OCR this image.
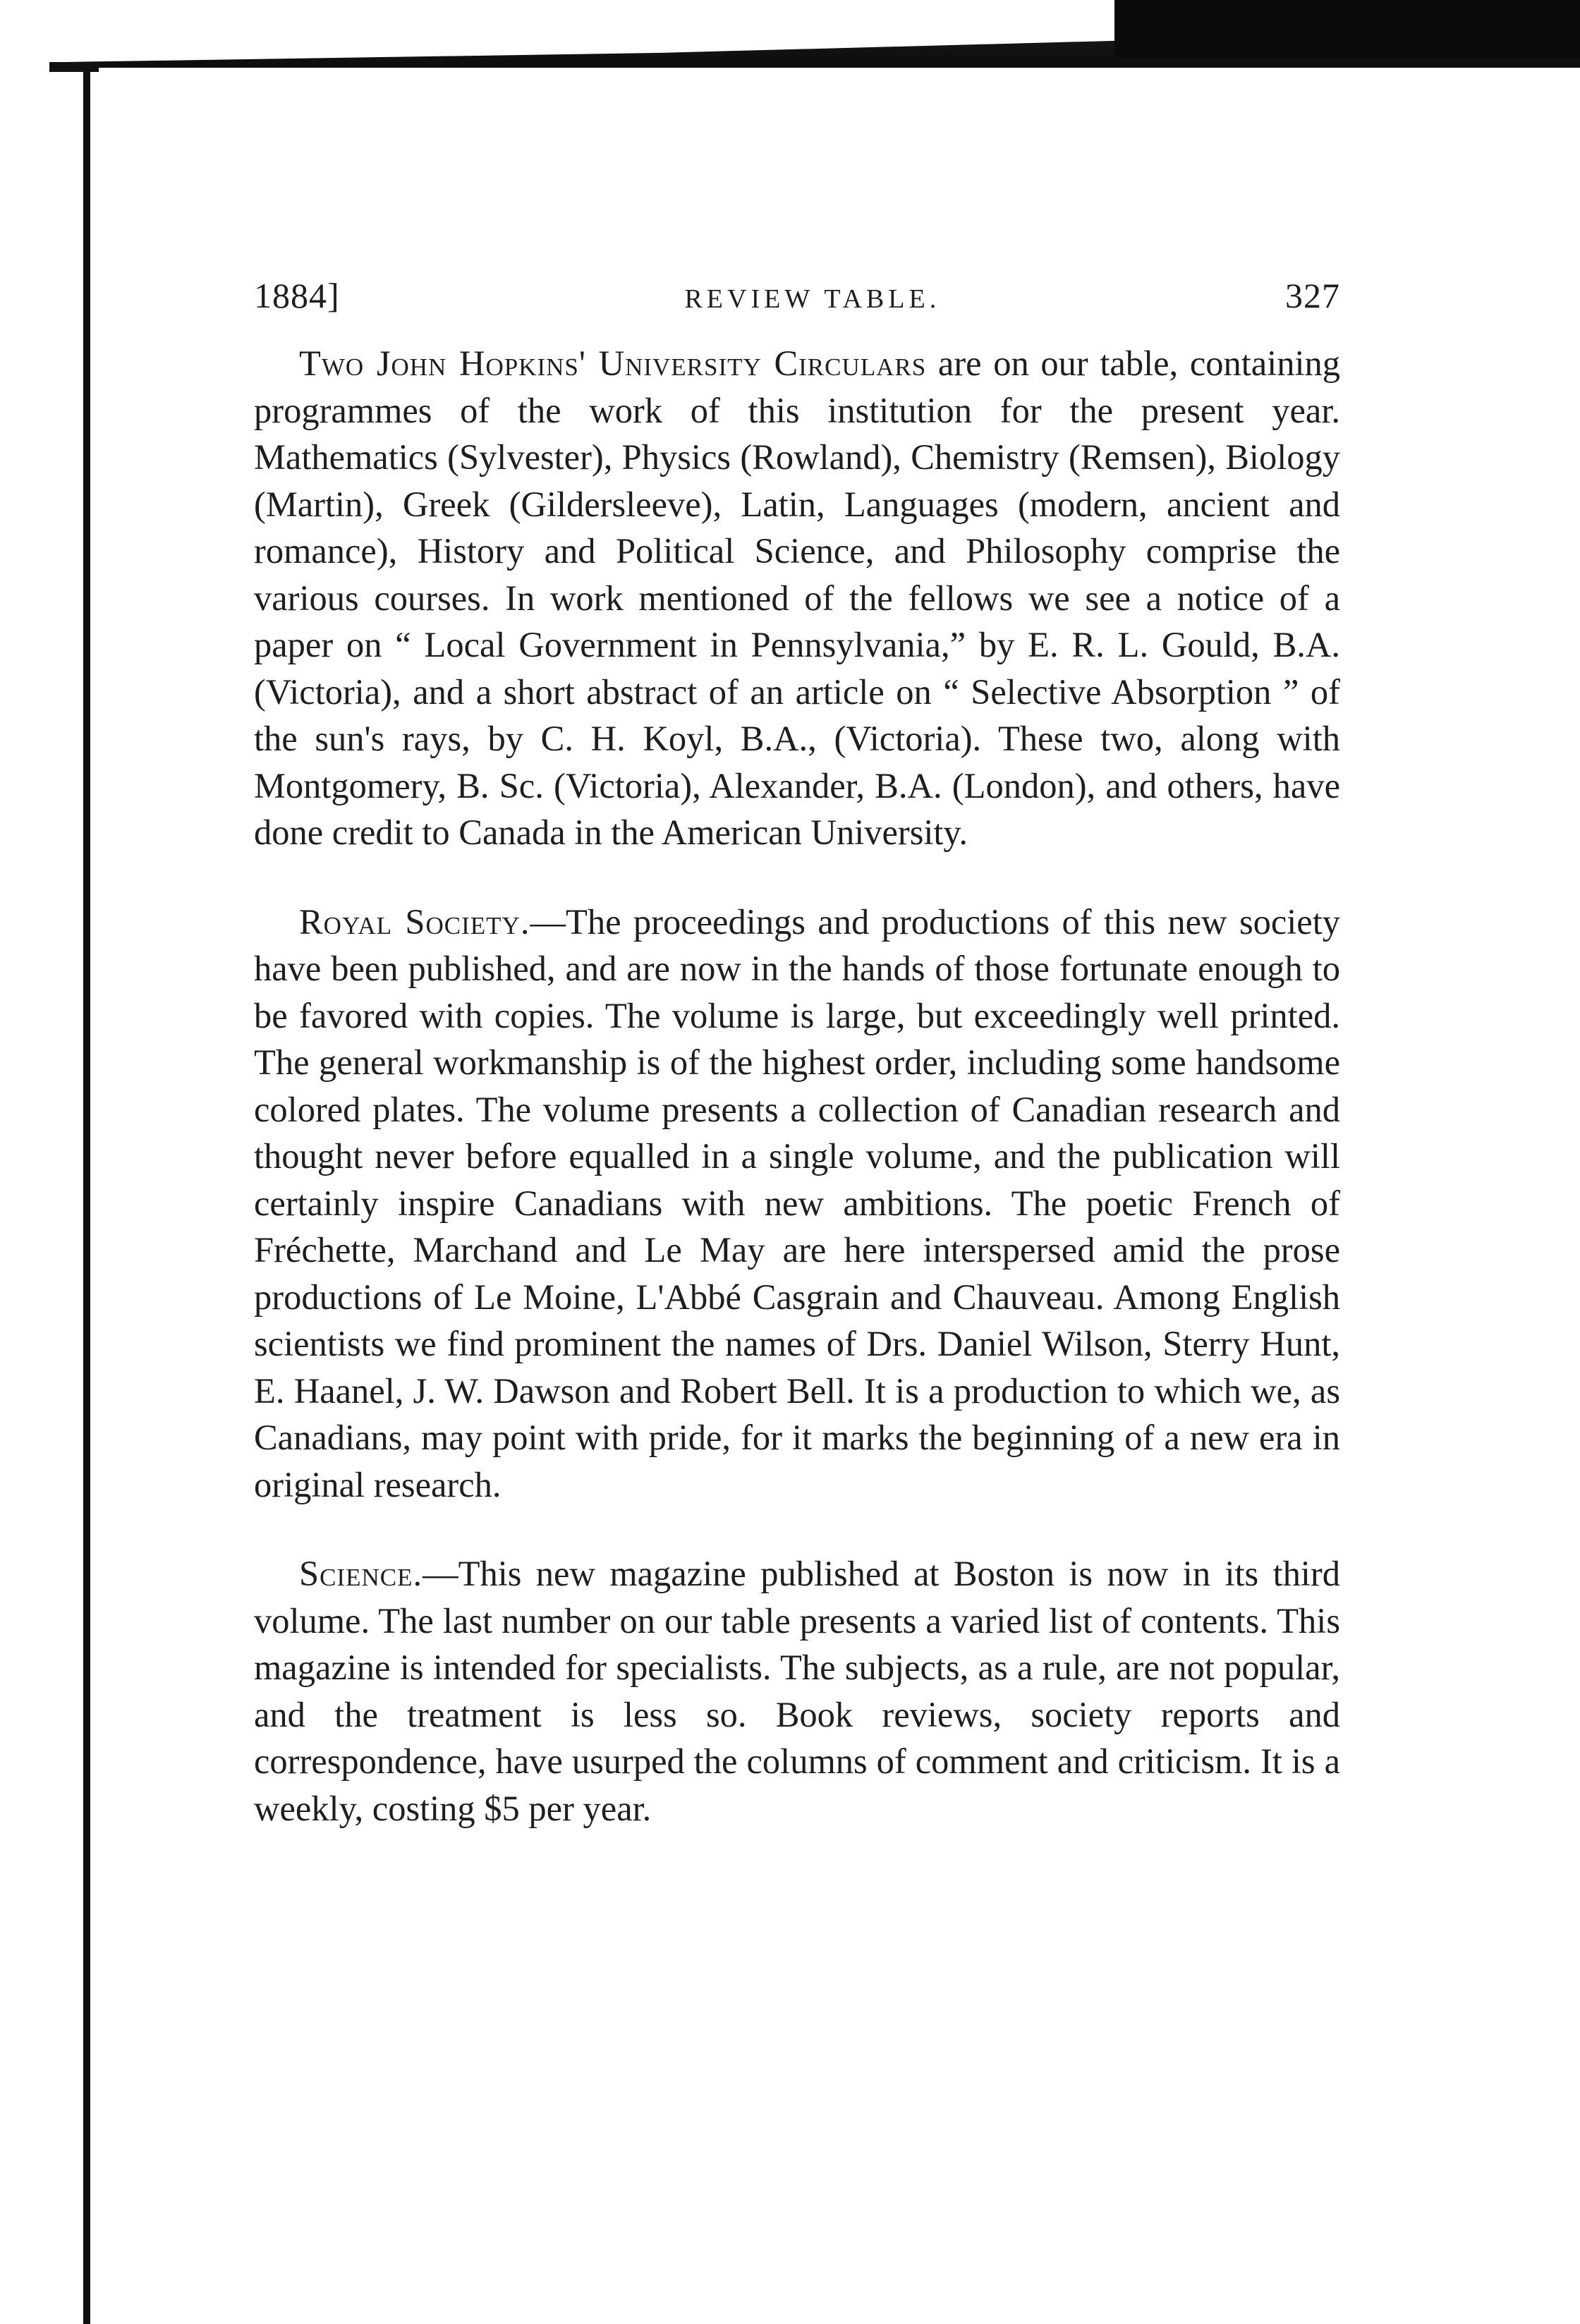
1884]	REVIEW TABLE.	327

Two John Hopkins' University Circulars are on our table, containing programmes of the work of this institution for the present year. Mathematics (Sylvester), Physics (Rowland), Chemistry (Remsen), Biology (Martin), Greek (Gildersleeve), Latin, Languages (modern, ancient and romance), History and Political Science, and Philosophy comprise the various courses. In work mentioned of the fellows we see a notice of a paper on “ Local Government in Pennsylvania,” by E. R. L. Gould, B.A. (Victoria), and a short abstract of an article on “ Selective Absorption ” of the sun's rays, by C. H. Koyl, B.A., (Victoria). These two, along with Montgomery, B. Sc. (Victoria), Alexander, B.A. (London), and others, have done credit to Canada in the American University.

Royal Society.—The proceedings and productions of this new society have been published, and are now in the hands of those fortunate enough to be favored with copies. The volume is large, but exceedingly well printed. The general workmanship is of the highest order, including some handsome colored plates. The volume presents a collection of Canadian research and thought never before equalled in a single volume, and the publication will certainly inspire Canadians with new ambitions. The poetic French of Fréchette, Marchand and Le May are here interspersed amid the prose productions of Le Moine, L'Abbé Casgrain and Chauveau. Among English scientists we find prominent the names of Drs. Daniel Wilson, Sterry Hunt, E. Haanel, J. W. Dawson and Robert Bell. It is a production to which we, as Canadians, may point with pride, for it marks the beginning of a new era in original research.

Science.—This new magazine published at Boston is now in its third volume. The last number on our table presents a varied list of contents. This magazine is intended for specialists. The subjects, as a rule, are not popular, and the treatment is less so. Book reviews, society reports and correspondence, have usurped the columns of comment and criticism. It is a weekly, costing $5 per year.
